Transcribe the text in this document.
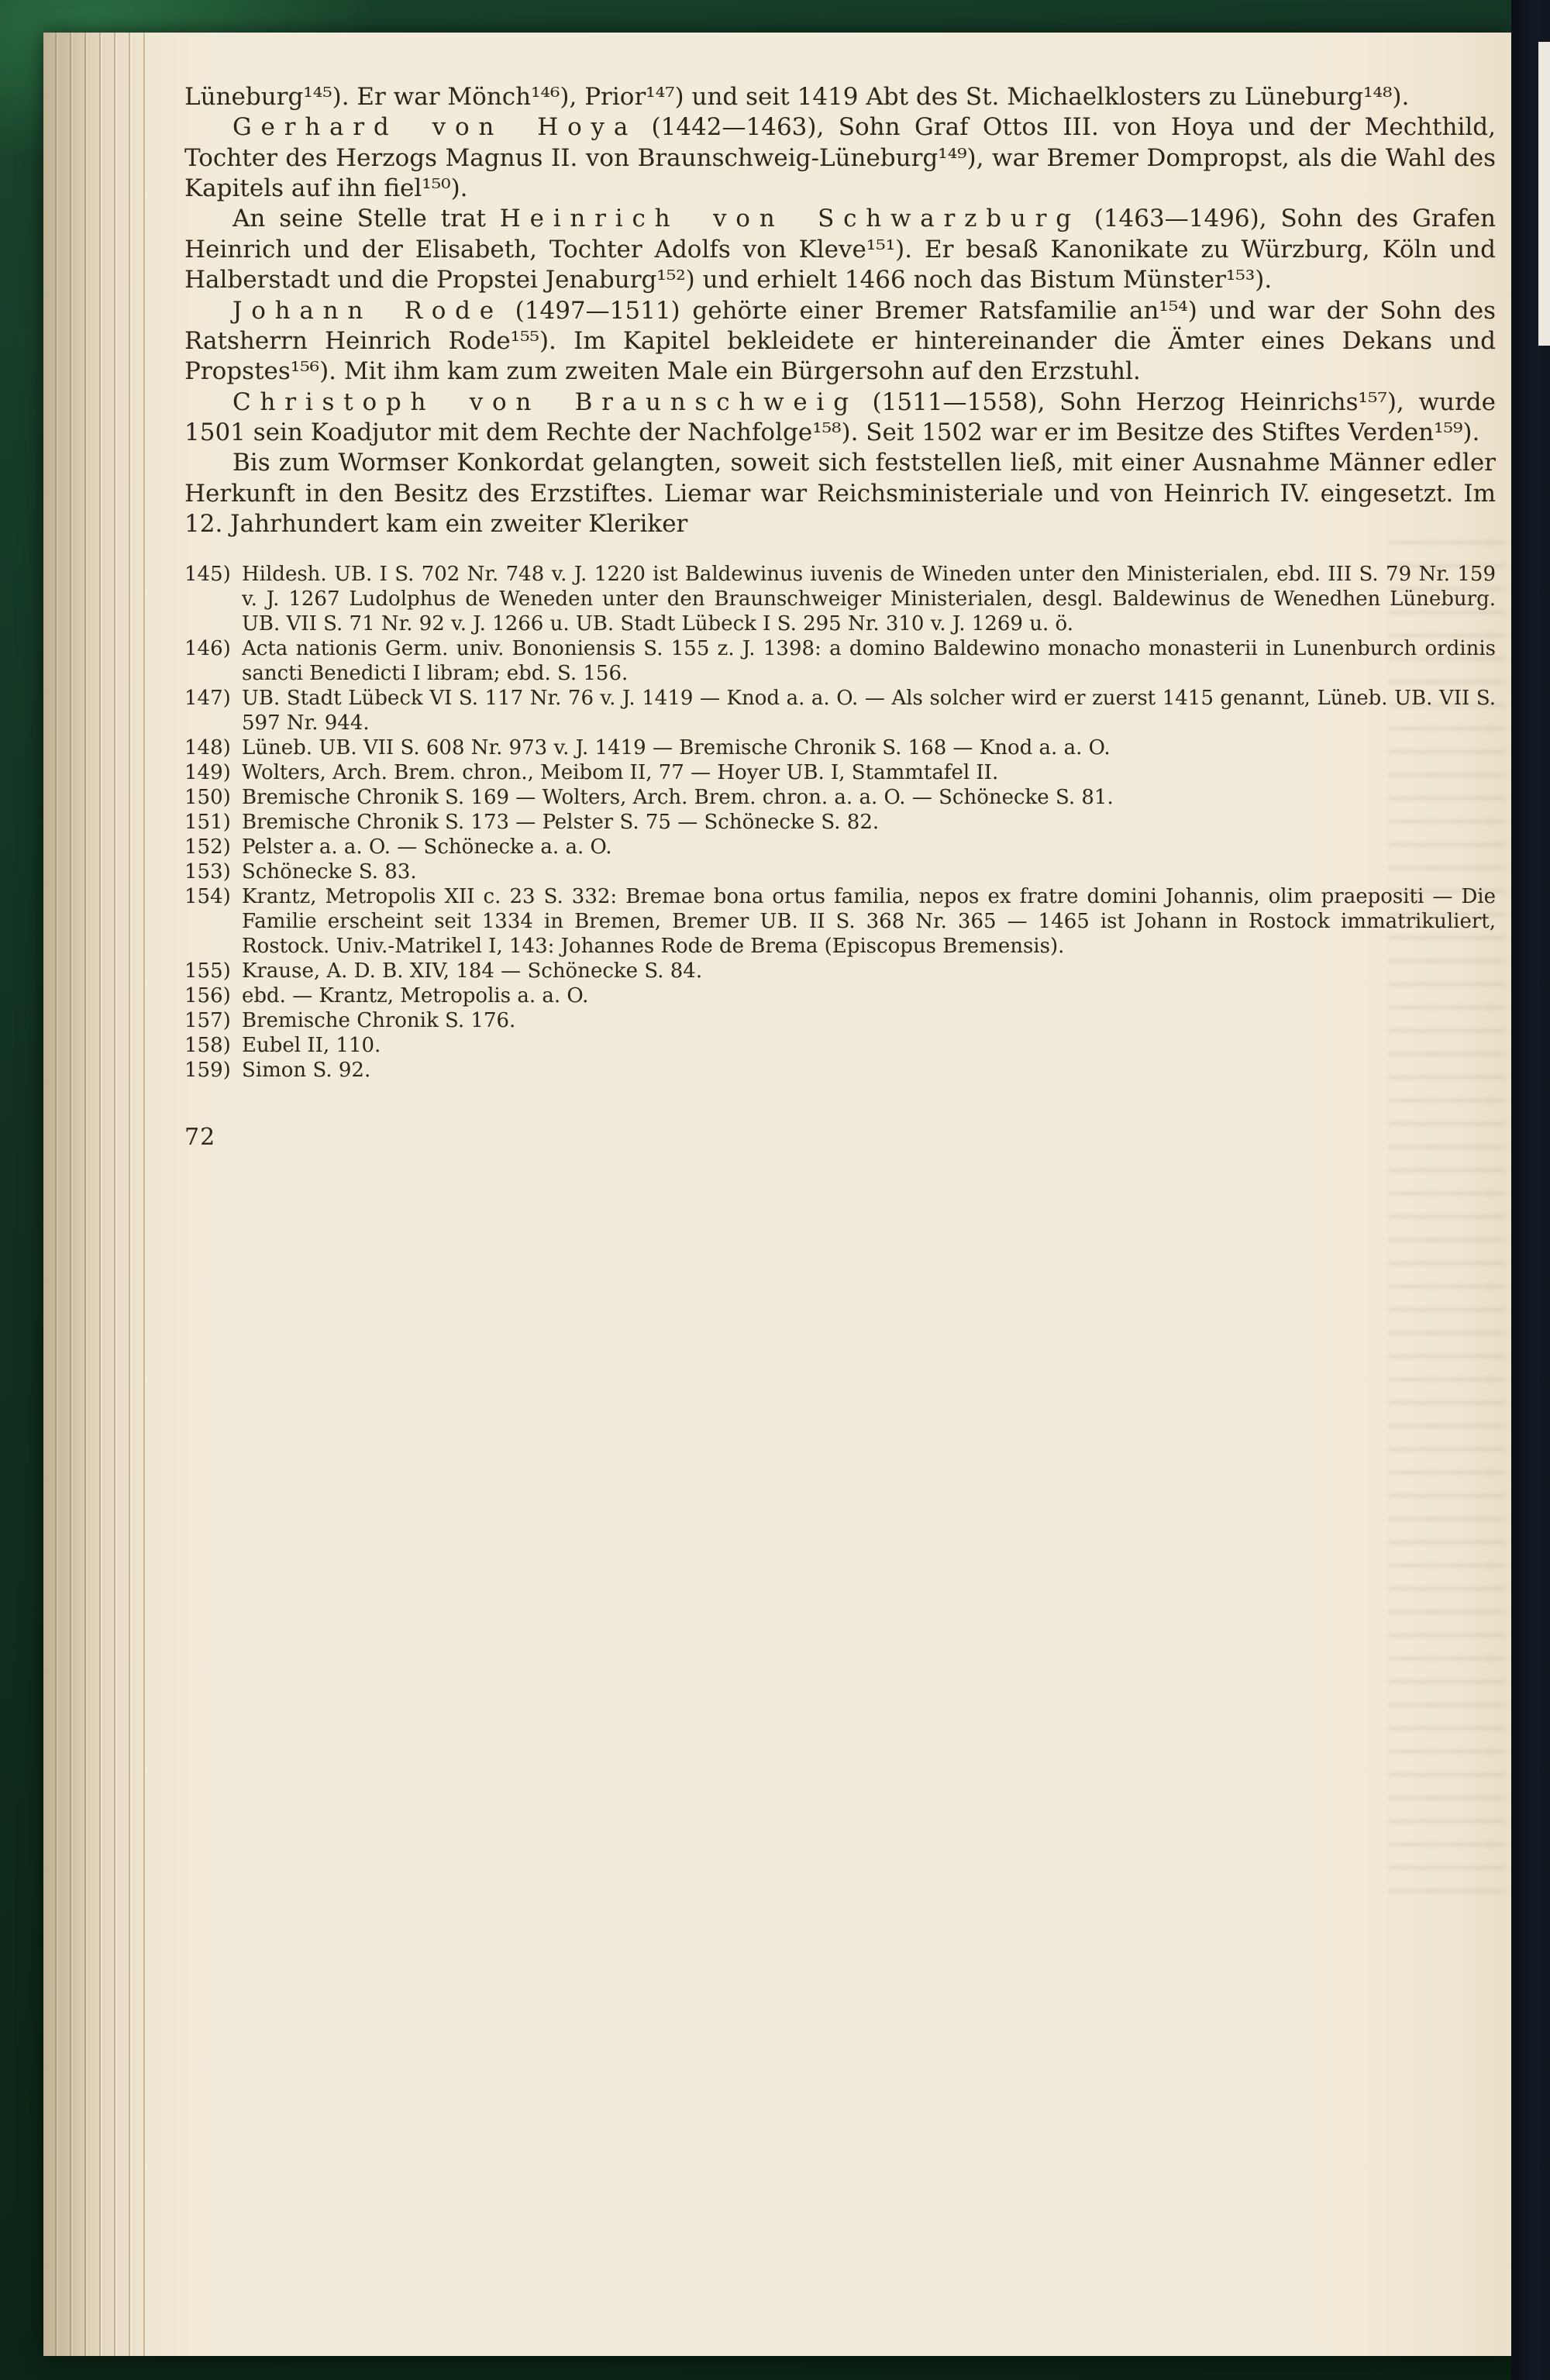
Lüneburg¹⁴⁵). Er war Mönch¹⁴⁶), Prior¹⁴⁷) und seit 1419 Abt des St. Michaelklosters zu Lüneburg¹⁴⁸).

Gerhard von Hoya (1442—1463), Sohn Graf Ottos III. von Hoya und der Mechthild, Tochter des Herzogs Magnus II. von Braunschweig-Lüneburg¹⁴⁹), war Bremer Dompropst, als die Wahl des Kapitels auf ihn fiel¹⁵⁰).

An seine Stelle trat Heinrich von Schwarzburg (1463—1496), Sohn des Grafen Heinrich und der Elisabeth, Tochter Adolfs von Kleve¹⁵¹). Er besaß Kanonikate zu Würzburg, Köln und Halberstadt und die Propstei Jenaburg¹⁵²) und erhielt 1466 noch das Bistum Münster¹⁵³).

Johann Rode (1497—1511) gehörte einer Bremer Ratsfamilie an¹⁵⁴) und war der Sohn des Ratsherrn Heinrich Rode¹⁵⁵). Im Kapitel bekleidete er hintereinander die Ämter eines Dekans und Propstes¹⁵⁶). Mit ihm kam zum zweiten Male ein Bürgersohn auf den Erzstuhl.

Christoph von Braunschweig (1511—1558), Sohn Herzog Heinrichs¹⁵⁷), wurde 1501 sein Koadjutor mit dem Rechte der Nachfolge¹⁵⁸). Seit 1502 war er im Besitze des Stiftes Verden¹⁵⁹).

Bis zum Wormser Konkordat gelangten, soweit sich feststellen ließ, mit einer Ausnahme Männer edler Herkunft in den Besitz des Erzstiftes. Liemar war Reichsministeriale und von Heinrich IV. eingesetzt. Im 12. Jahrhundert kam ein zweiter Kleriker

145) Hildesh. UB. I S. 702 Nr. 748 v. J. 1220 ist Baldewinus iuvenis de Wineden unter den Ministerialen, ebd. III S. 79 Nr. 159 v. J. 1267 Ludolphus de Weneden unter den Braunschweiger Ministerialen, desgl. Baldewinus de Wenedhen Lüneburg. UB. VII S. 71 Nr. 92 v. J. 1266 u. UB. Stadt Lübeck I S. 295 Nr. 310 v. J. 1269 u. ö.
146) Acta nationis Germ. univ. Bononiensis S. 155 z. J. 1398: a domino Baldewino monacho monasterii in Lunenburch ordinis sancti Benedicti I libram; ebd. S. 156.
147) UB. Stadt Lübeck VI S. 117 Nr. 76 v. J. 1419 — Knod a. a. O. — Als solcher wird er zuerst 1415 genannt, Lüneb. UB. VII S. 597 Nr. 944.
148) Lüneb. UB. VII S. 608 Nr. 973 v. J. 1419 — Bremische Chronik S. 168 — Knod a. a. O.
149) Wolters, Arch. Brem. chron., Meibom II, 77 — Hoyer UB. I, Stammtafel II.
150) Bremische Chronik S. 169 — Wolters, Arch. Brem. chron. a. a. O. — Schönecke S. 81.
151) Bremische Chronik S. 173 — Pelster S. 75 — Schönecke S. 82.
152) Pelster a. a. O. — Schönecke a. a. O.
153) Schönecke S. 83.
154) Krantz, Metropolis XII c. 23 S. 332: Bremae bona ortus familia, nepos ex fratre domini Johannis, olim praepositi — Die Familie erscheint seit 1334 in Bremen, Bremer UB. II S. 368 Nr. 365 — 1465 ist Johann in Rostock immatrikuliert, Rostock. Univ.-Matrikel I, 143: Johannes Rode de Brema (Episcopus Bremensis).
155) Krause, A. D. B. XIV, 184 — Schönecke S. 84.
156) ebd. — Krantz, Metropolis a. a. O.
157) Bremische Chronik S. 176.
158) Eubel II, 110.
159) Simon S. 92.
72
